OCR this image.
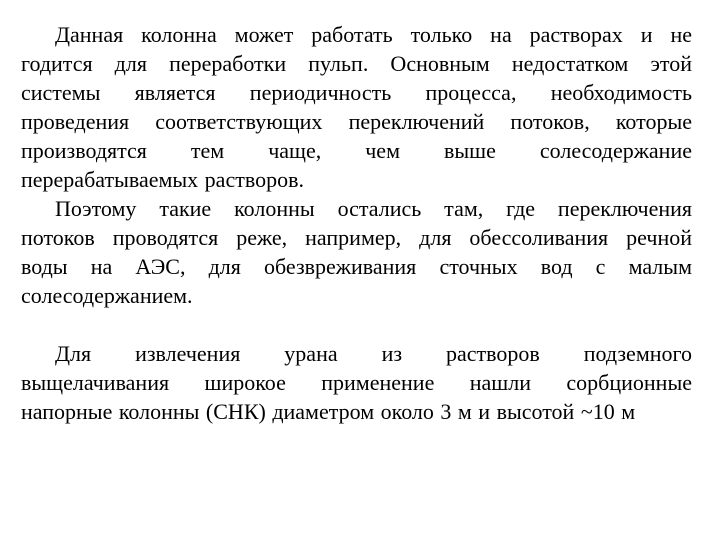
Данная колонна может работать только на растворах и не
годится для переработки пульп. Основным недостатком этой
системы является периодичность процесса, необходимость
проведения соответствующих переключений потоков, которые
производятся тем чаще, чем выше солесодержание
перерабатываемых растворов.

Поэтому такие колонны остались там, где переключения
потоков проводятся реже, например, для обессоливания речной
воды на АЭС, для обезвреживания сточных вод с малым
солесодержанием.

Для извлечения урана из растворов подземного
выщелачивания широкое применение нашли сорбционные
напорные колонны (СНК) диаметром около 3 м и высотой ~10 м
